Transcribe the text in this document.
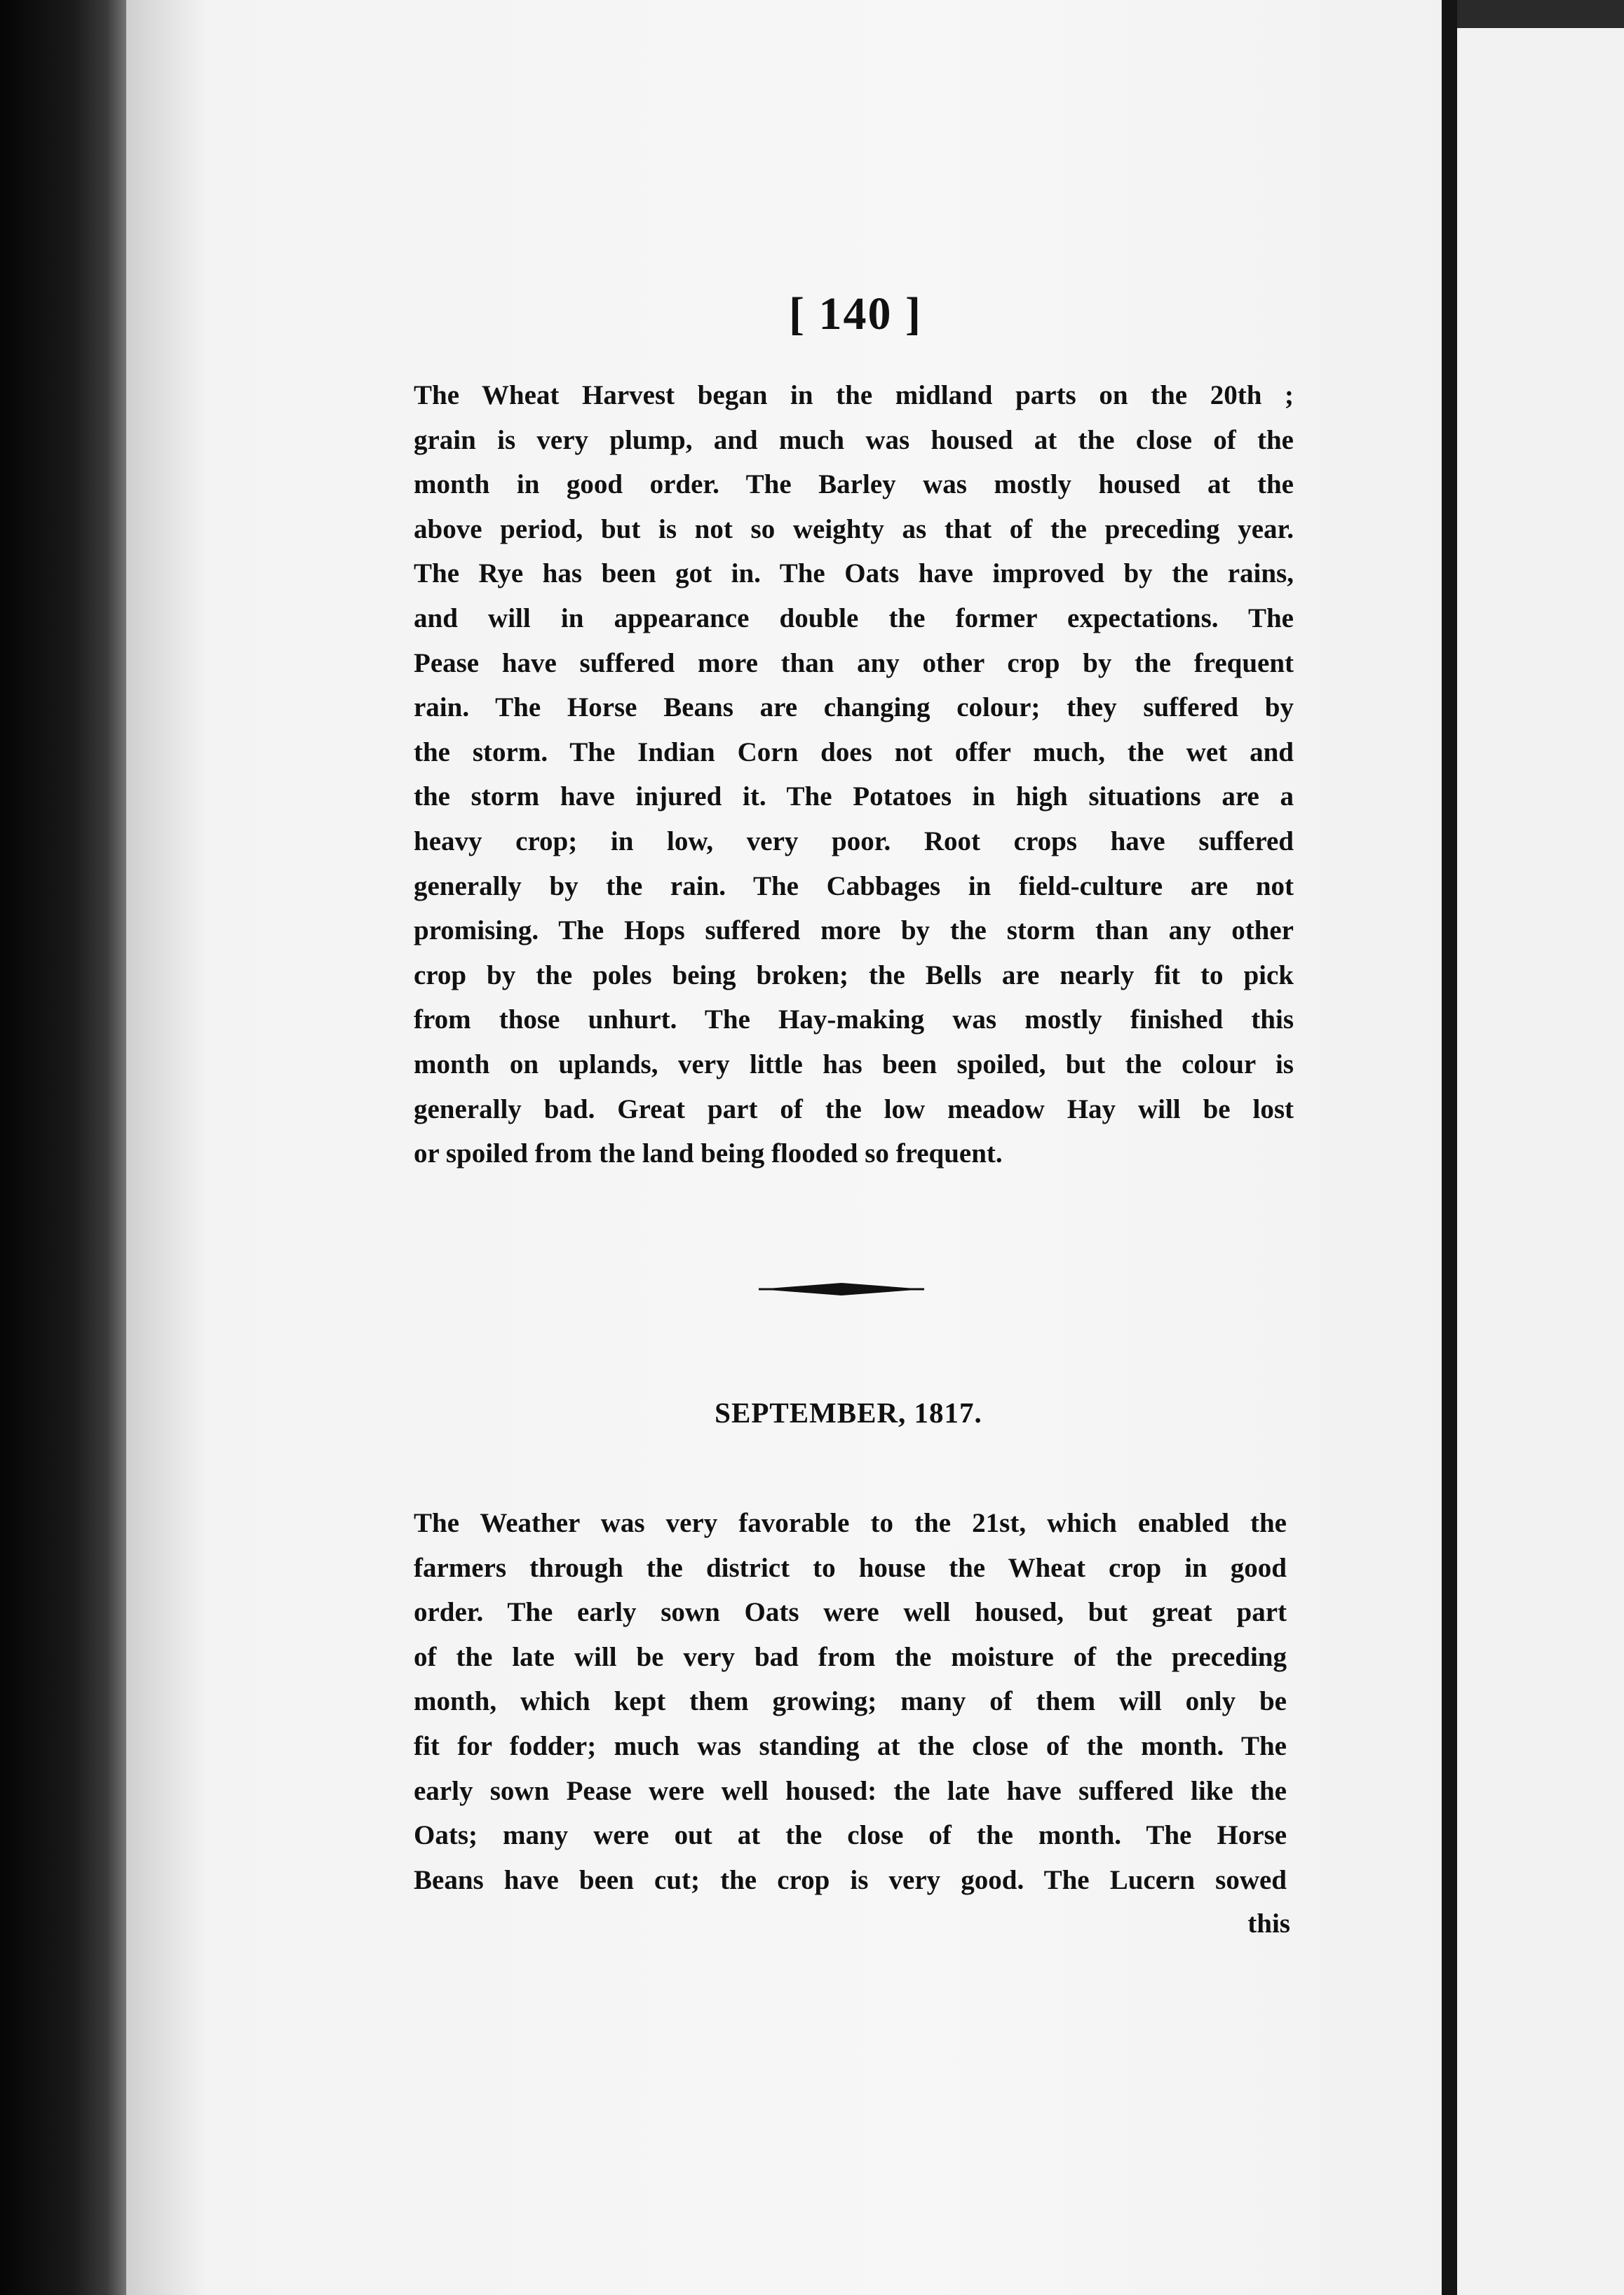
[ 140 ]
The Wheat Harvest began in the midland parts on the 20th ;
grain is very plump, and much was housed at the close of the
month in good order. The Barley was mostly housed at the
above period, but is not so weighty as that of the preceding year.
The Rye has been got in. The Oats have improved by the rains,
and will in appearance double the former expectations. The
Pease have suffered more than any other crop by the frequent
rain. The Horse Beans are changing colour; they suffered by
the storm. The Indian Corn does not offer much, the wet and
the storm have injured it. The Potatoes in high situations are a
heavy crop; in low, very poor. Root crops have suffered
generally by the rain. The Cabbages in field-culture are not
promising. The Hops suffered more by the storm than any other
crop by the poles being broken; the Bells are nearly fit to pick
from those unhurt. The Hay-making was mostly finished this
month on uplands, very little has been spoiled, but the colour is
generally bad. Great part of the low meadow Hay will be lost
or spoiled from the land being flooded so frequent.
SEPTEMBER, 1817.
The Weather was very favorable to the 21st, which enabled the
farmers through the district to house the Wheat crop in good
order. The early sown Oats were well housed, but great part
of the late will be very bad from the moisture of the preceding
month, which kept them growing; many of them will only be
fit for fodder; much was standing at the close of the month. The
early sown Pease were well housed: the late have suffered like the
Oats; many were out at the close of the month. The Horse
Beans have been cut; the crop is very good. The Lucern sowed
this
